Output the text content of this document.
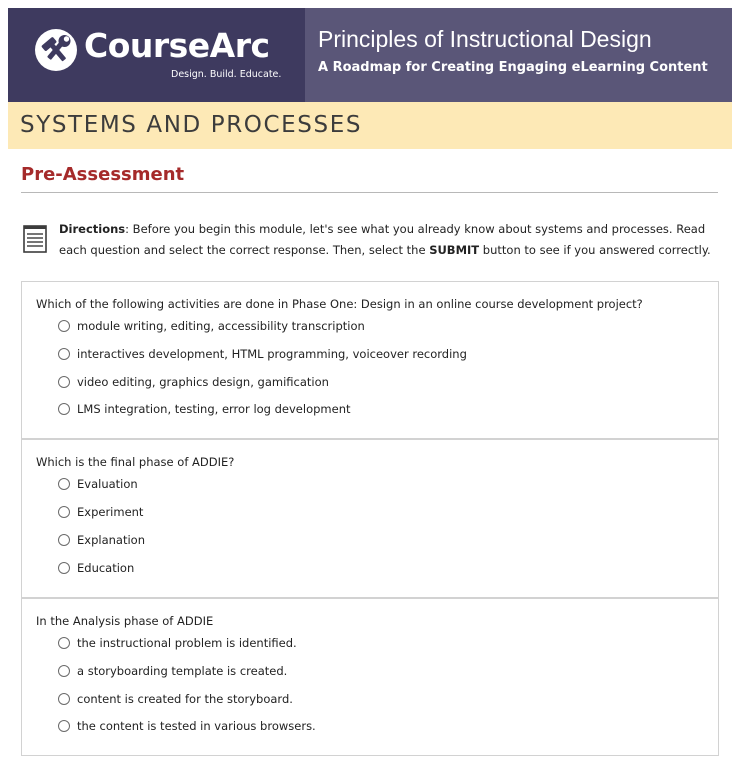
CourseArc
Design. Build. Educate.
Principles of Instructional Design
A Roadmap for Creating Engaging eLearning Content
SYSTEMS AND PROCESSES
Pre-Assessment
Directions: Before you begin this module, let's see what you already know about systems and processes. Read each question and select the correct response. Then, select the SUBMIT button to see if you answered correctly.
Which of the following activities are done in Phase One: Design in an online course development project?
module writing, editing, accessibility transcription
interactives development, HTML programming, voiceover recording
video editing, graphics design, gamification
LMS integration, testing, error log development
Which is the final phase of ADDIE?
Evaluation
Experiment
Explanation
Education
In the Analysis phase of ADDIE
the instructional problem is identified.
a storyboarding template is created.
content is created for the storyboard.
the content is tested in various browsers.
